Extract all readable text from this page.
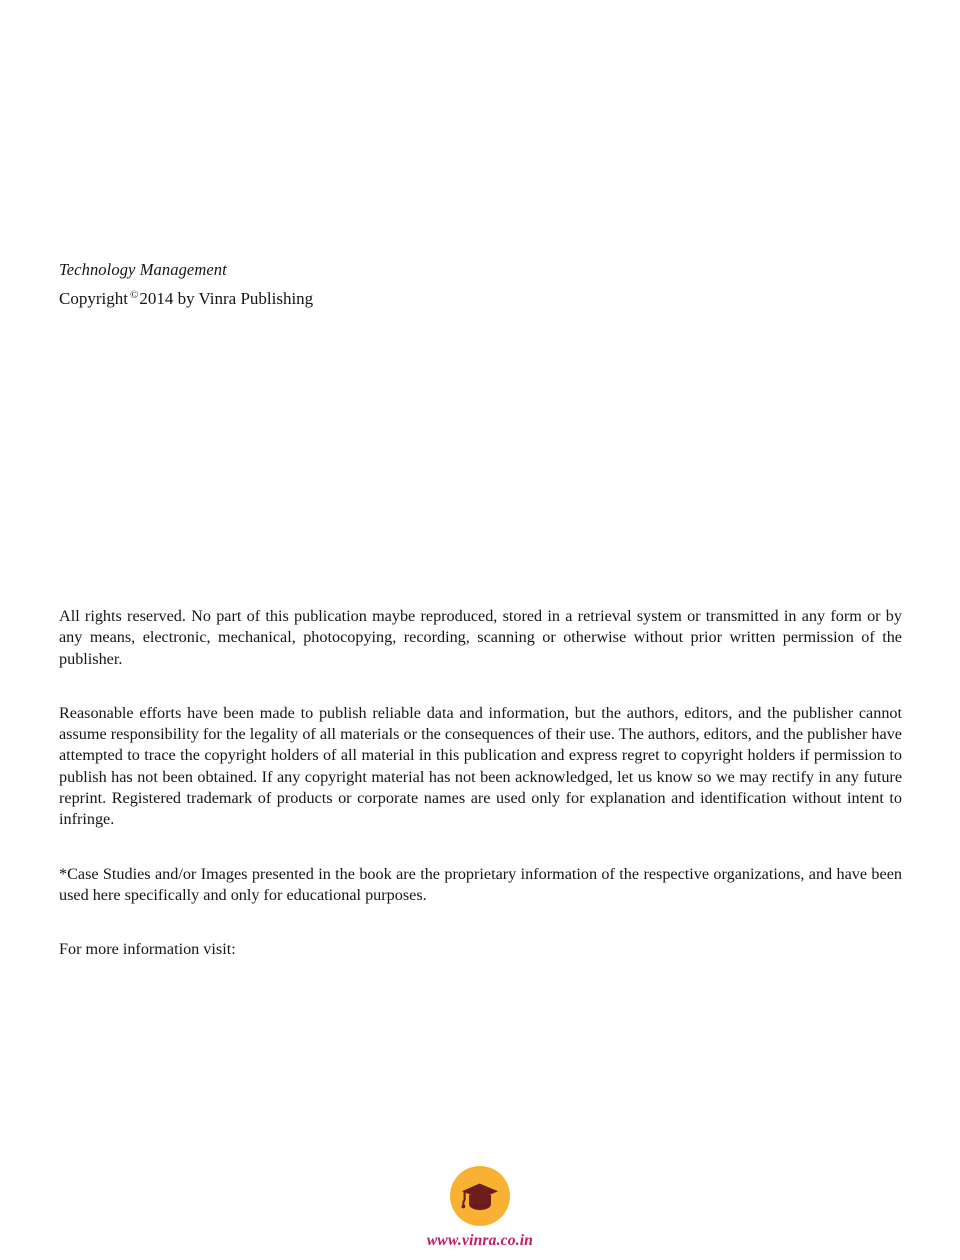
Technology Management
Copyright ©2014 by Vinra Publishing

All rights reserved. No part of this publication maybe reproduced, stored in a retrieval system or transmitted in any form or by any means, electronic, mechanical, photocopying, recording, scanning or otherwise without prior written permission of the publisher.

Reasonable efforts have been made to publish reliable data and information, but the authors, editors, and the publisher cannot assume responsibility for the legality of all materials or the consequences of their use. The authors, editors, and the publisher have attempted to trace the copyright holders of all material in this publication and express regret to copyright holders if permission to publish has not been obtained. If any copyright material has not been acknowledged, let us know so we may rectify in any future reprint. Registered trademark of products or corporate names are used only for explanation and identification without intent to infringe.

*Case Studies and/or Images presented in the book are the proprietary information of the respective organizations, and have been used here specifically and only for educational purposes.

For more information visit:

vinra
www.vinra.co.in
